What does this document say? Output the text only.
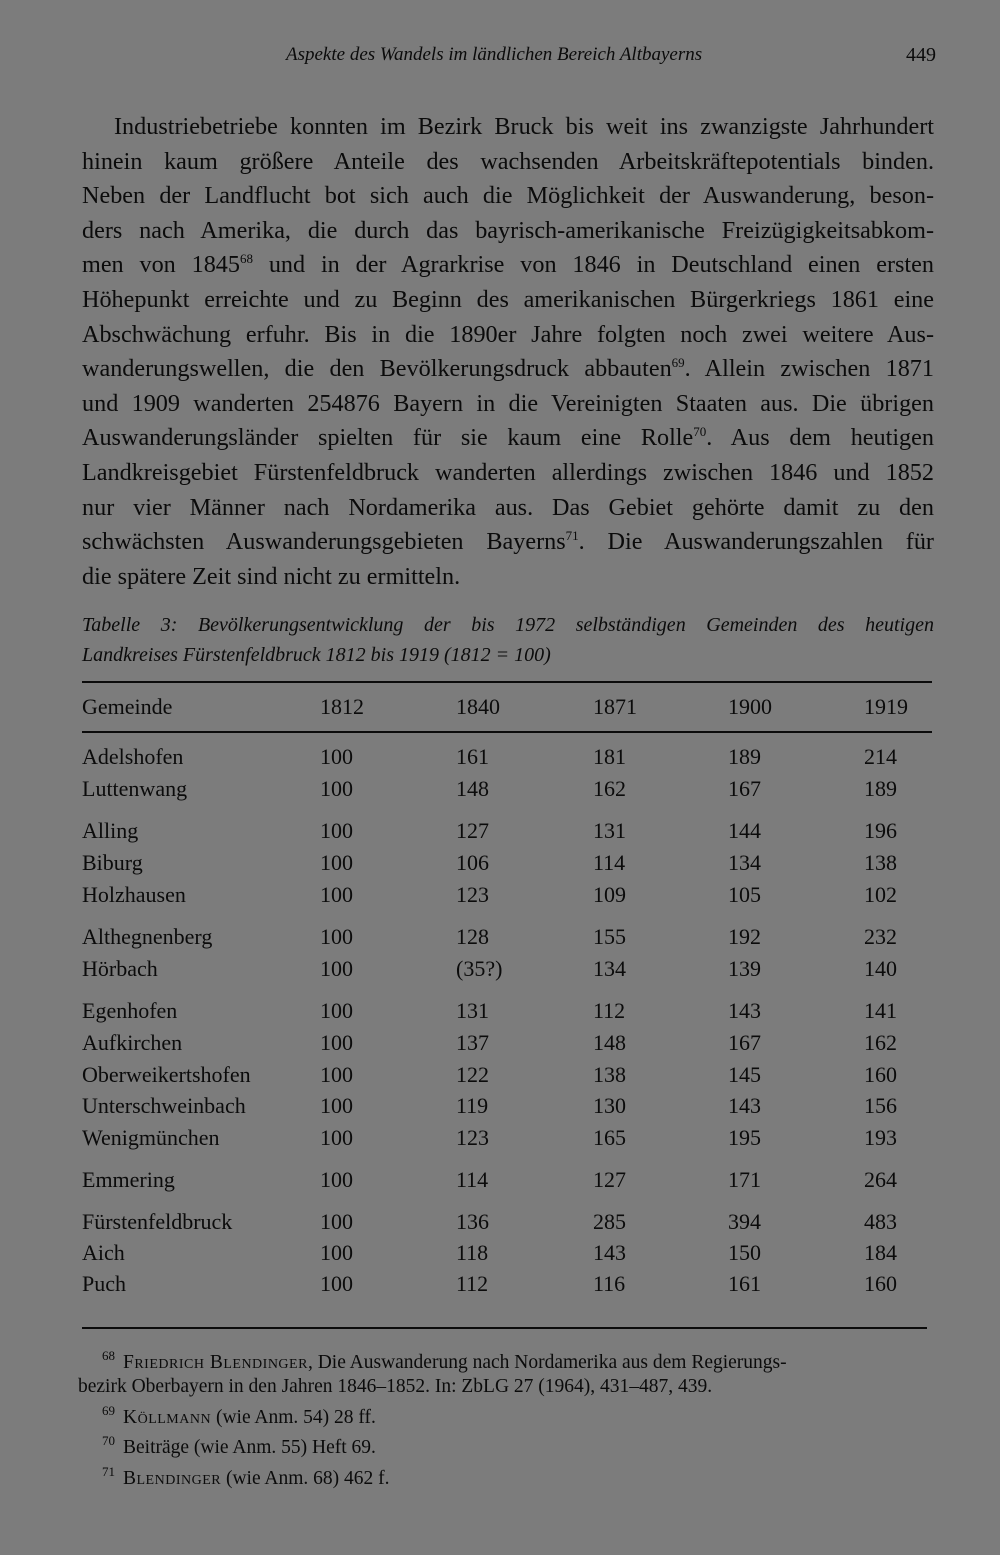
Aspekte des Wandels im ländlichen Bereich Altbayerns	449
Industriebetriebe konnten im Bezirk Bruck bis weit ins zwanzigste Jahrhundert
hinein kaum größere Anteile des wachsenden Arbeitskräftepotentials binden.
Neben der Landflucht bot sich auch die Möglichkeit der Auswanderung, beson-
ders nach Amerika, die durch das bayrisch-amerikanische Freizügigkeitsabkom-
men von 1845$^{68}$ und in der Agrarkrise von 1846 in Deutschland einen ersten
Höhepunkt erreichte und zu Beginn des amerikanischen Bürgerkriegs 1861 eine
Abschwächung erfuhr. Bis in die 1890er Jahre folgten noch zwei weitere Aus-
wanderungswellen, die den Bevölkerungsdruck abbauten$^{69}$. Allein zwischen 1871
und 1909 wanderten 254876 Bayern in die Vereinigten Staaten aus. Die übrigen
Auswanderungsländer spielten für sie kaum eine Rolle$^{70}$. Aus dem heutigen
Landkreisgebiet Fürstenfeldbruck wanderten allerdings zwischen 1846 und 1852
nur vier Männer nach Nordamerika aus. Das Gebiet gehörte damit zu den
schwächsten Auswanderungsgebieten Bayerns$^{71}$. Die Auswanderungszahlen für
die spätere Zeit sind nicht zu ermitteln.
Tabelle 3: Bevölkerungsentwicklung der bis 1972 selbständigen Gemeinden des heutigen
Landkreises Fürstenfeldbruck 1812 bis 1919 (1812 = 100)
Gemeinde	1812	1840	1871	1900	1919
Adelshofen	100	161	181	189	214
Luttenwang	100	148	162	167	189
Alling	100	127	131	144	196
Biburg	100	106	114	134	138
Holzhausen	100	123	109	105	102
Althegnenberg	100	128	155	192	232
Hörbach	100	(35?)	134	139	140
Egenhofen	100	131	112	143	141
Aufkirchen	100	137	148	167	162
Oberweikertshofen	100	122	138	145	160
Unterschweinbach	100	119	130	143	156
Wenigmünchen	100	123	165	195	193
Emmering	100	114	127	171	264
Fürstenfeldbruck	100	136	285	394	483
Aich	100	118	143	150	184
Puch	100	112	116	161	160
$^{68}$ Friedrich Blendinger, Die Auswanderung nach Nordamerika aus dem Regierungs-
bezirk Oberbayern in den Jahren 1846–1852. In: ZbLG 27 (1964), 431–487, 439.
$^{69}$ Köllmann (wie Anm. 54) 28 ff.
$^{70}$ Beiträge (wie Anm. 55) Heft 69.
$^{71}$ Blendinger (wie Anm. 68) 462 f.
